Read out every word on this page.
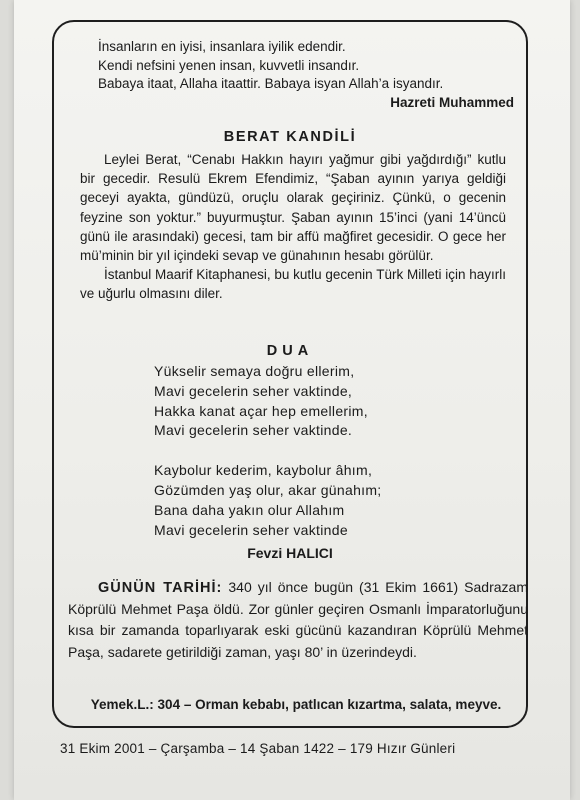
İnsanların en iyisi, insanlara iyilik edendir.
Kendi nefsini yenen insan, kuvvetli insandır.
Babaya itaat, Allaha itaattir. Babaya isyan Allah’a isyandır.
Hazreti Muhammed
BERAT KANDİLİ

Leylei Berat, “Cenabı Hakkın hayırı yağmur gibi yağdırdığı” kutlu bir gecedir. Resulü Ekrem Efendimiz, “Şaban ayının yarıya geldiği geceyi ayakta, gündüzü, oruçlu olarak geçiriniz. Çünkü, o gecenin feyzine son yoktur.” buyurmuştur. Şaban ayının 15’inci (yani 14’üncü günü ile arasındaki) gecesi, tam bir affü mağfiret gecesidir. O gece her mü’minin bir yıl içindeki sevap ve günahının hesabı görülür.

İstanbul Maarif Kitaphanesi, bu kutlu gecenin Türk Milleti için hayırlı ve uğurlu olmasını diler.

DUA
Yükselir semaya doğru ellerim,
Mavi gecelerin seher vaktinde,
Hakka kanat açar hep emellerim,
Mavi gecelerin seher vaktinde.
Kaybolur kederim, kaybolur âhım,
Gözümden yaş olur, akar günahım;
Bana daha yakın olur Allahım
Mavi gecelerin seher vaktinde
Fevzi HALICI
GÜNÜN TARİHİ: 340 yıl önce bugün (31 Ekim 1661) Sadrazam Köprülü Mehmet Paşa öldü. Zor günler geçiren Osmanlı İmparatorluğunu kısa bir zamanda toparlıyarak eski gücünü kazandıran Köprülü Mehmet Paşa, sadarete getirildiği zaman, yaşı 80’ in üzerindeydi.
Yemek.L.: 304 – Orman kebabı, patlıcan kızartma, salata, meyve.
31 Ekim 2001 – Çarşamba – 14 Şaban 1422 – 179 Hızır Günleri
